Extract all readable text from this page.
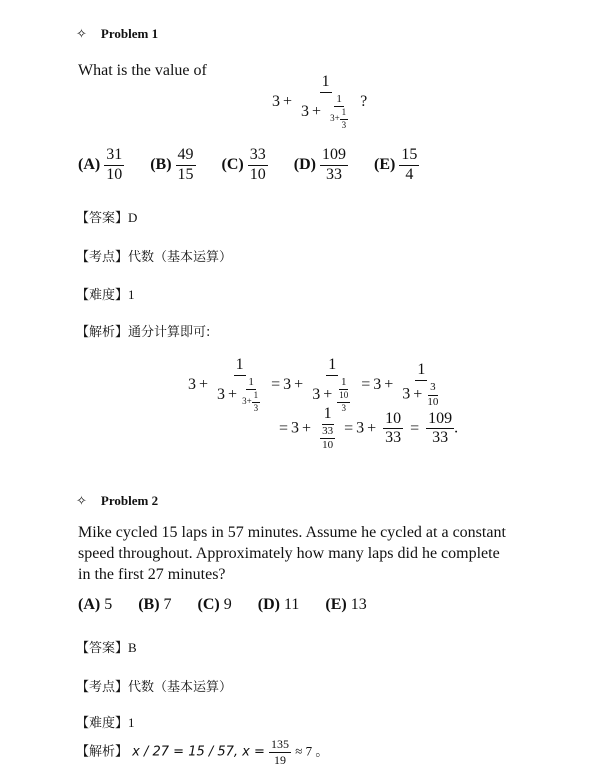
✧ Problem 1
What is the value of
$3 + \frac{1}{3 + \frac{1}{3+ \frac{1}{3}}}$ ?
$(A) \frac{31}{10} (B) \frac{49}{15} (C) \frac{33}{10} (D) \frac{109}{33} (E) \frac{15}{4}$
【答案】D
【考点】代数（基本运算）
【难度】1
【解析】通分计算即可:
$3 + \frac{1}{3 + \frac{1}{3+ \frac{1}{3}}} = 3 + \frac{1}{3 + \frac{1}{\frac{10}{3}}} = 3 + \frac{1}{3 + \frac{3}{10}}$
= $3 + \frac{1}{\frac{33}{10}} = 3 + \frac{10}{33} = \frac{109}{33}$ .
✧ Problem 2
Mike cycled 15 laps in 57 minutes. Assume he cycled at a constant
speed throughout. Approximately how many laps did he complete
in the first 27 minutes?
(A) 5 (B) 7 (C) 9 (D) 11 (E) 13
【答案】B
【考点】代数（基本运算）
【难度】1
【解析】 x / 27 = 15 / 57, $x = \frac{135}{19} \approx 7$ 。
